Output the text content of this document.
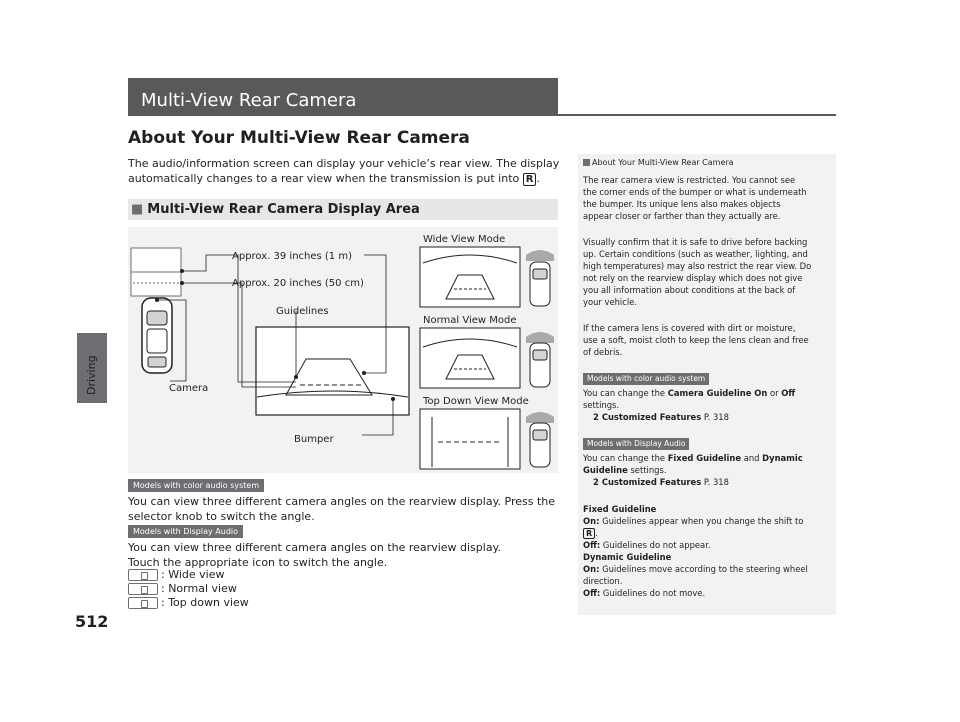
Driving
512
Multi-View Rear Camera
About Your Multi-View Rear Camera
The audio/information screen can display your vehicle’s rear view. The display
automatically changes to a rear view when the transmission is put into R .
■ Multi-View Rear Camera Display Area
Approx. 39 inches (1 m)
Approx. 20 inches (50 cm)
Guidelines
Camera
Bumper
Wide View Mode
Normal View Mode
Top Down View Mode
Models with color audio system
You can view three different camera angles on the rearview display. Press the
selector knob to switch the angle.
Models with Display Audio
You can view three different camera angles on the rearview display.
Touch the appropriate icon to switch the angle.
: Wide view
: Normal view
: Top down view
About Your Multi-View Rear Camera
The rear camera view is restricted. You cannot see
the corner ends of the bumper or what is underneath
the bumper. Its unique lens also makes objects
appear closer or farther than they actually are.
Visually confirm that it is safe to drive before backing
up. Certain conditions (such as weather, lighting, and
high temperatures) may also restrict the rear view. Do
not rely on the rearview display which does not give
you all information about conditions at the back of
your vehicle.
If the camera lens is covered with dirt or moisture,
use a soft, moist cloth to keep the lens clean and free
of debris.
Models with color audio system
You can change the Camera Guideline On or Off
settings.
2 Customized Features P. 318
Models with Display Audio
You can change the Fixed Guideline and Dynamic
Guideline settings.
2 Customized Features P. 318
Fixed Guideline
On: Guidelines appear when you change the shift to
R .
Off: Guidelines do not appear.
Dynamic Guideline
On: Guidelines move according to the steering wheel
direction.
Off: Guidelines do not move.
